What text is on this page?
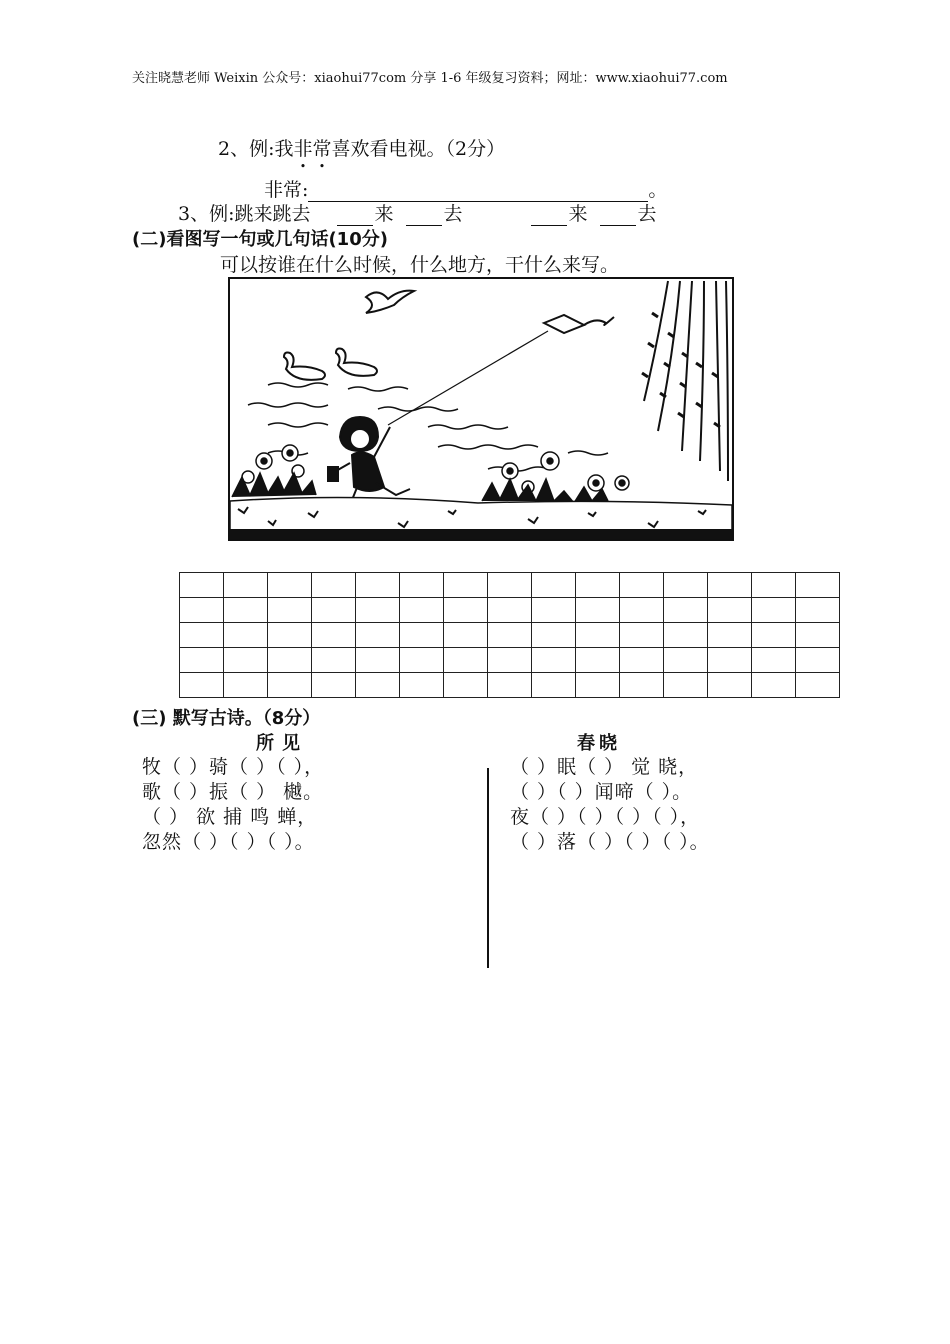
关注晓慧老师 Weixin 公众号：xiaohui77com 分享 1-6 年级复习资料；网址：www.xiaohui77.com
2、例:我非常喜欢看电视。（2分）
非常:	。
3、例:跳来跳去	来	去	来	去
(二)看图写一句或几句话(10分)
可以按谁在什么时候，什么地方，干什么来写。

(三) 默写古诗。（8分）
所见	春晓
牧（ ）骑（ ）（ ），
歌（ ）振（ ） 樾。
（ ） 欲 捕 鸣 蝉，
忽然（ ）（ ）（ ）。
（ ）眠（ ） 觉 晓，
（ ）（ ）闻啼（ ）。
夜（ ）（ ）（ ）（ ），
（ ）落（ ）（ ）（ ）。
